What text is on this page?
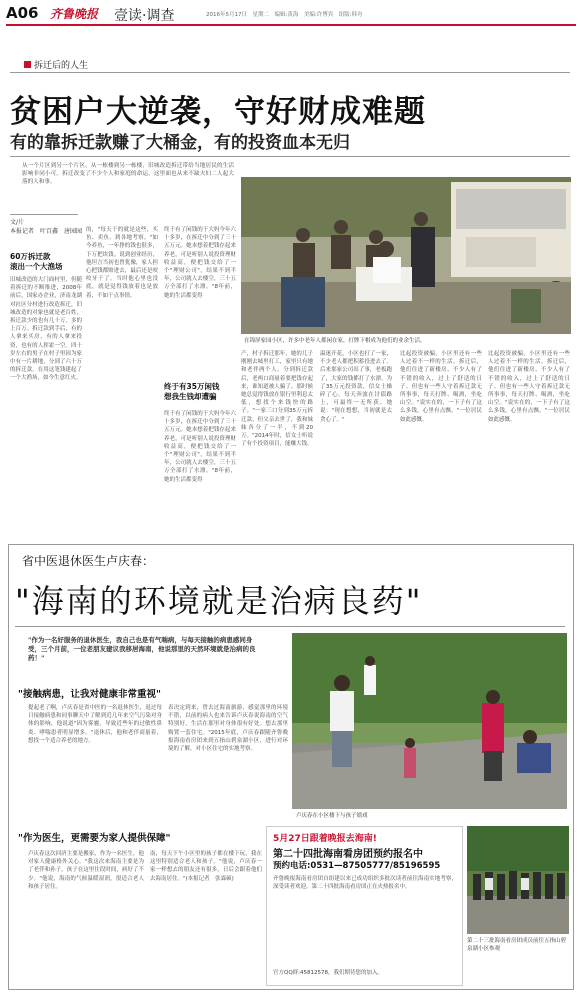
A06 齐鲁晚报 壹读·调查	2016年5月17日　星期二　编辑:黄海　美编:许博宾　组版:韩舟
拆迁后的人生
贫困户大逆袭，守好财成难题
有的靠拆迁款赚了大桶金，有的投资血本无归

从一个片区到另一个片区，从一栋楼到另一栋楼，旧城改造拆迁带给当地居民的生活影响非同小可。拆迁改变了不少个人和家庭的命运，这里面也从来不缺夫妇二人起大落的人和事。

文/片
本报记者　叶百鑫　唐园园
60万拆迁款
滚出一个大渔场

旧城改造的大门面村里，但随着拆迁的不断推进，2008年前后，国家办企业，济南龙湖对社区分村进行改造拆迁，旧城改造的对象也就是老百姓，拆迁款少的也有几十万，多的上百万。拆迁款到手后，有的人拿来买房，有的人拿来投资，也有的人挥霍一空。四十岁左右的男子在村子里因为家中有一片耕地，分到了六十万的拆迁款，在用这笔钱建起了一个大渔场，如今生意红火。

的，"每天干的就是这些，买鱼、卖鱼、到各地考察。"如今养鱼，一年挣的钱也很多，下万把块钱。说到创业经历，他坦言当初也曾犹豫，家人担心把钱都赔进去，最后还是咬咬牙干了。当时他心里也没底，就是觉得钱放着也是放着，不如干点事情。

终于有了闲钱的于大妈今年六十多岁，在拆迁中分到了三十五万元。她本想着把钱存起来养老，可是听别人说投资理财收益高，便把钱交给了一个"理财公司"。结果不到半年，公司就人去楼空，三十五万全部打了水漂。"8年前，她的生活都变得

终于有35万闲钱
想我生钱却遭骗

终于有了闲钱的于大妈今年六十多岁，在拆迁中分到了三十五万元。她本想着把钱存起来养老，可是听别人说投资理财收益高，便把钱交给了一个"理财公司"。结果不到半年，公司就人去楼空，三十五万全部打了水漂。"8年前，她的生活都变得

在锦屏家园小区，许多中老年人都闲在家，打牌下棋成为他们的业余生活。

产，村子拆迁那年，她的儿子刚刚去城里打工，家里只有她和老伴两个人。分到拆迁款后，老两口商量着要把钱存起来，谁知道被人骗了。那时候她总觉得钱放在银行里利息太低，想找个来钱快的路子。"一家三口分到35万元拆迁款，但父亲去世了，我和妹妹各分了一半，不到20万。"2014年时，信女士听说了有个投资项目，能赚大钱。

温迷开花，小区也打了一家，不少老人都把积蓄投进去了。后来那家公司出了事，老板跑了，大家的钱都打了水漂。为了35万元投资款，信女士操碎了心，每天奔波在讨债路上，可最终一无所获。她说："现在想想，当初就是太贪心了。"

比起投资被骗，小区里还有一些人过着不一样的生活。拆迁后，他们住进了新楼房，不少人有了不错的收入，过上了舒适的日子。但也有一些人守着拆迁款无所事事，每天打牌、喝酒，坐吃山空。"说实在的，一下子有了这么多钱，心里有点飘。"一位居民如此感慨。

比起投资被骗，小区里还有一些人过着不一样的生活。拆迁后，他们住进了新楼房，不少人有了不错的收入，过上了舒适的日子。但也有一些人守着拆迁款无所事事，每天打牌、喝酒，坐吃山空。"说实在的，一下子有了这么多钱，心里有点飘。"一位居民如此感慨。

省中医退休医生卢庆春：
"海南的环境就是治病良药"

"作为一名好服务的退休医生，我自己也是有气喘病，与每天接触的病患感同身受，三个月前，一位老朋友建议我移居海南，他说那里的天然环境就是治病的良药！"

"接触病患，让我对健康非常重视"

提起老了啊，卢庆春是省中医的一名退休医生，退过每日接触病患和同事聊天中了解到近几年来空气污染对身体的影响，他说道"因为雾霾，导致近些年的过敏性鼻炎、哮喘患者明显增多。"退休后，他和老伴商量着，想找一个适合养老的地方。

表决定到来，曾去过海南旅游，感觉那里的环境不错，以前的病人也来告诉卢庆春说海南的空气特别好，生活在那里对身体很有好处。想去那里购置一套住宅。"2015年底，卢庆春跟随齐鲁晚报海南看房团来到五指山碧泉湖小区，进行对环境的了解，对小区住宅的实地考察。

卢庆春在小区楼下与孩子嬉戏
"作为医生，更需要为家人提供保障"

卢庆春这次回济主要是搬家，作为一名医生，他对家人健康格外关心。"我这次来海南主要是为了老伴和孙子，孩子在这里住段时间，病好了不少。"他说，海南的气候温暖湿润，很适合老人和孩子居住。

南，每天下午小区里的孩子都在楼下玩，我在这里特别适合老人和孩子。"他说，卢庆春一家一样想去的朋友还有很多，日后会跟着他们去海南居住。"(本报记者　张霖硕)

5月27日跟着晚报去海南!
第二十四批海南看房团预约报名中
预约电话:0531—87505777/85196595

齐鲁晚报海南看房团自组建以来已成功组织多批次读者前往海南实地考察，深受读者欢迎。第二十四批海南看房团正在火热报名中。

官方QQ群:45812578，我们期待您的加入。
第二十三批海南看房团成员前往五指山碧泉湖小区参观
